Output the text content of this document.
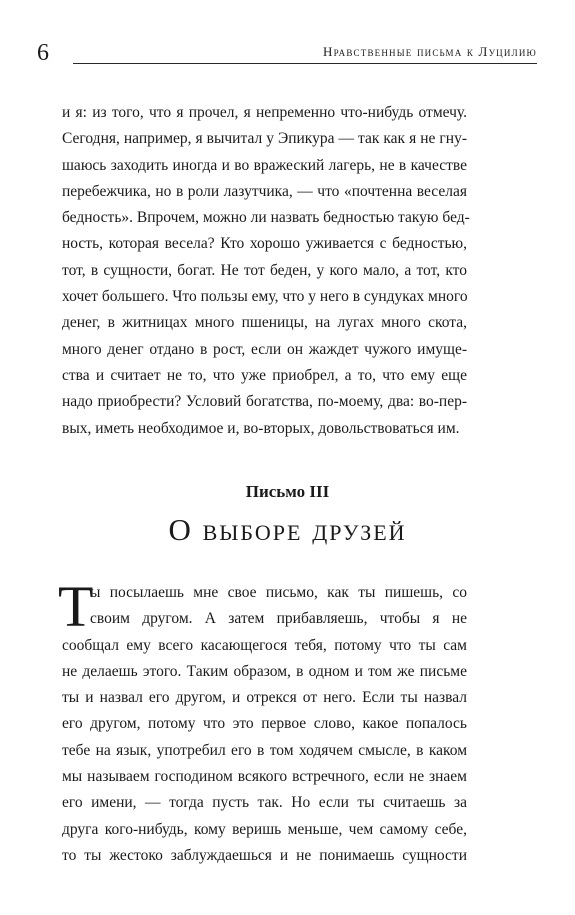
6	Нравственные письма к Луцилию
и я: из того, что я прочел, я непременно что-нибудь отмечу.
Сегодня, например, я вычитал у Эпикура — так как я не гну-
шаюсь заходить иногда и во вражеский лагерь, не в качестве
перебежчика, но в роли лазутчика, — что «почтенна веселая
бедность». Впрочем, можно ли назвать бедностью такую бед-
ность, которая весела? Кто хорошо уживается с бедностью,
тот, в сущности, богат. Не тот беден, у кого мало, а тот, кто
хочет большего. Что пользы ему, что у него в сундуках много
денег, в житницах много пшеницы, на лугах много скота,
много денег отдано в рост, если он жаждет чужого имуще-
ства и считает не то, что уже приобрел, а то, что ему еще
надо приобрести? Условий богатства, по-моему, два: во-пер-
вых, иметь необходимое и, во-вторых, довольствоваться им.
Письмо III
О выборе друзей
Т
ы посылаешь мне свое письмо, как ты пишешь, со
своим другом. А затем прибавляешь, чтобы я не
сообщал ему всего касающегося тебя, потому что ты сам
не делаешь этого. Таким образом, в одном и том же письме
ты и назвал его другом, и отрекся от него. Если ты назвал
его другом, потому что это первое слово, какое попалось
тебе на язык, употребил его в том ходячем смысле, в каком
мы называем господином всякого встречного, если не знаем
его имени, — тогда пусть так. Но если ты считаешь за
друга кого-нибудь, кому веришь меньше, чем самому себе,
то ты жестоко заблуждаешься и не понимаешь сущности
